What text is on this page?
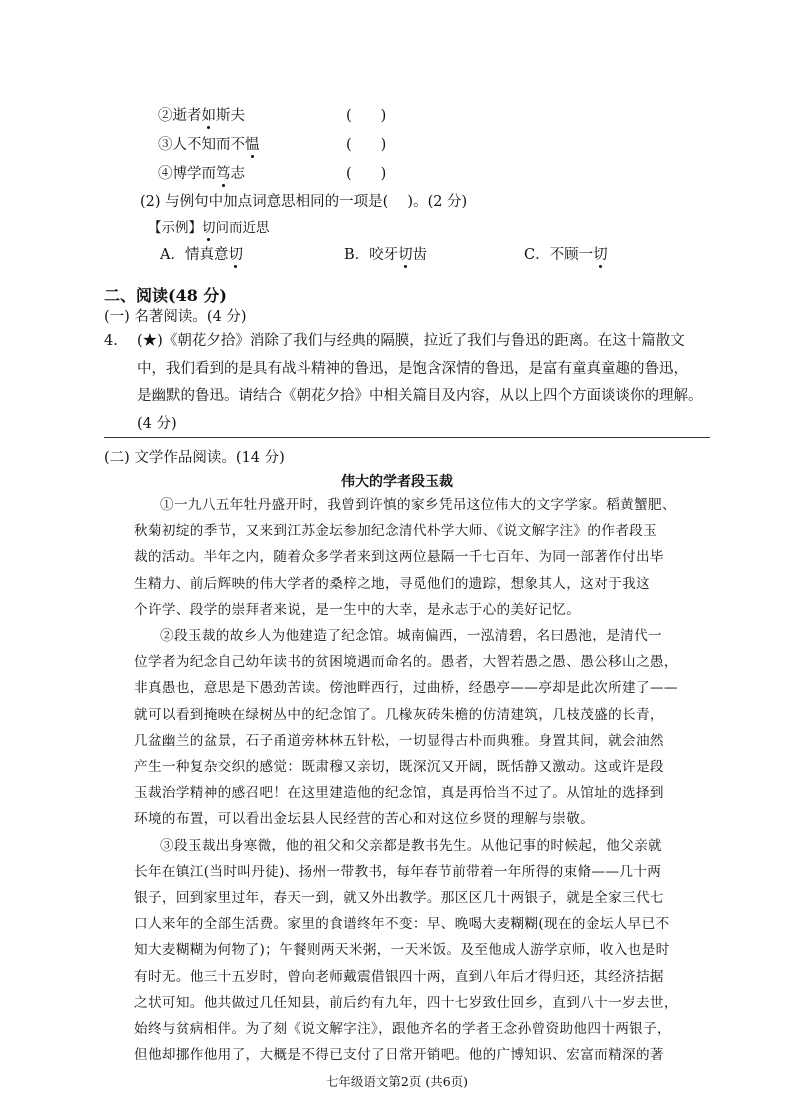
②逝者如斯夫	(　　)
③人不知而不愠	(　　)
④博学而笃志	(　　)
(2) 与例句中加点词意思相同的一项是(　 )。(2 分)
【示例】切问而近思
A．情真意切	B．咬牙切齿	C．不顾一切
二、阅读(48 分)
(一) 名著阅读。(4 分)
4. (★)《朝花夕拾》消除了我们与经典的隔膜，拉近了我们与鲁迅的距离。在这十篇散文
中，我们看到的是具有战斗精神的鲁迅，是饱含深情的鲁迅，是富有童真童趣的鲁迅，
是幽默的鲁迅。请结合《朝花夕拾》中相关篇目及内容，从以上四个方面谈谈你的理解。
(4 分)
(二) 文学作品阅读。(14 分)
伟大的学者段玉裁
①一九八五年牡丹盛开时，我曾到许慎的家乡凭吊这位伟大的文字学家。稻黄蟹肥、
秋菊初绽的季节，又来到江苏金坛参加纪念清代朴学大师、《说文解字注》的作者段玉
裁的活动。半年之内，随着众多学者来到这两位悬隔一千七百年、为同一部著作付出毕
生精力、前后辉映的伟大学者的桑梓之地，寻觅他们的遗踪，想象其人，这对于我这
个许学、段学的崇拜者来说，是一生中的大幸，是永志于心的美好记忆。
②段玉裁的故乡人为他建造了纪念馆。城南偏西，一泓清碧，名曰愚池，是清代一
位学者为纪念自己幼年读书的贫困境遇而命名的。愚者，大智若愚之愚、愚公移山之愚，
非真愚也，意思是下愚劲苦读。傍池畔西行，过曲桥，经愚亭——亭却是此次所建了——
就可以看到掩映在绿树丛中的纪念馆了。几椽灰砖朱檐的仿清建筑，几枝茂盛的长青，
几盆幽兰的盆景，石子甬道旁林林五针松，一切显得古朴而典雅。身置其间，就会油然
产生一种复杂交织的感觉：既肃穆又亲切，既深沉又开阔，既恬静又激动。这或许是段
玉裁治学精神的感召吧！在这里建造他的纪念馆，真是再恰当不过了。从馆址的选择到
环境的布置，可以看出金坛县人民经营的苦心和对这位乡贤的理解与崇敬。
③段玉裁出身寒微，他的祖父和父亲都是教书先生。从他记事的时候起，他父亲就
长年在镇江(当时叫丹徒)、扬州一带教书，每年春节前带着一年所得的束脩——几十两
银子，回到家里过年，春天一到，就又外出教学。那区区几十两银子，就是全家三代七
口人来年的全部生活费。家里的食谱终年不变：早、晚喝大麦糊糊(现在的金坛人早已不
知大麦糊糊为何物了)；午餐则两天米粥，一天米饭。及至他成人游学京师，收入也是时
有时无。他三十五岁时，曾向老师戴震借银四十两，直到八年后才得归还，其经济拮据
之状可知。他共做过几任知县，前后约有九年，四十七岁致仕回乡，直到八十一岁去世，
始终与贫病相伴。为了刻《说文解字注》，跟他齐名的学者王念孙曾资助他四十两银子，
但他却挪作他用了，大概是不得已支付了日常开销吧。他的广博知识、宏富而精深的著
七年级语文第2页 (共6页)
